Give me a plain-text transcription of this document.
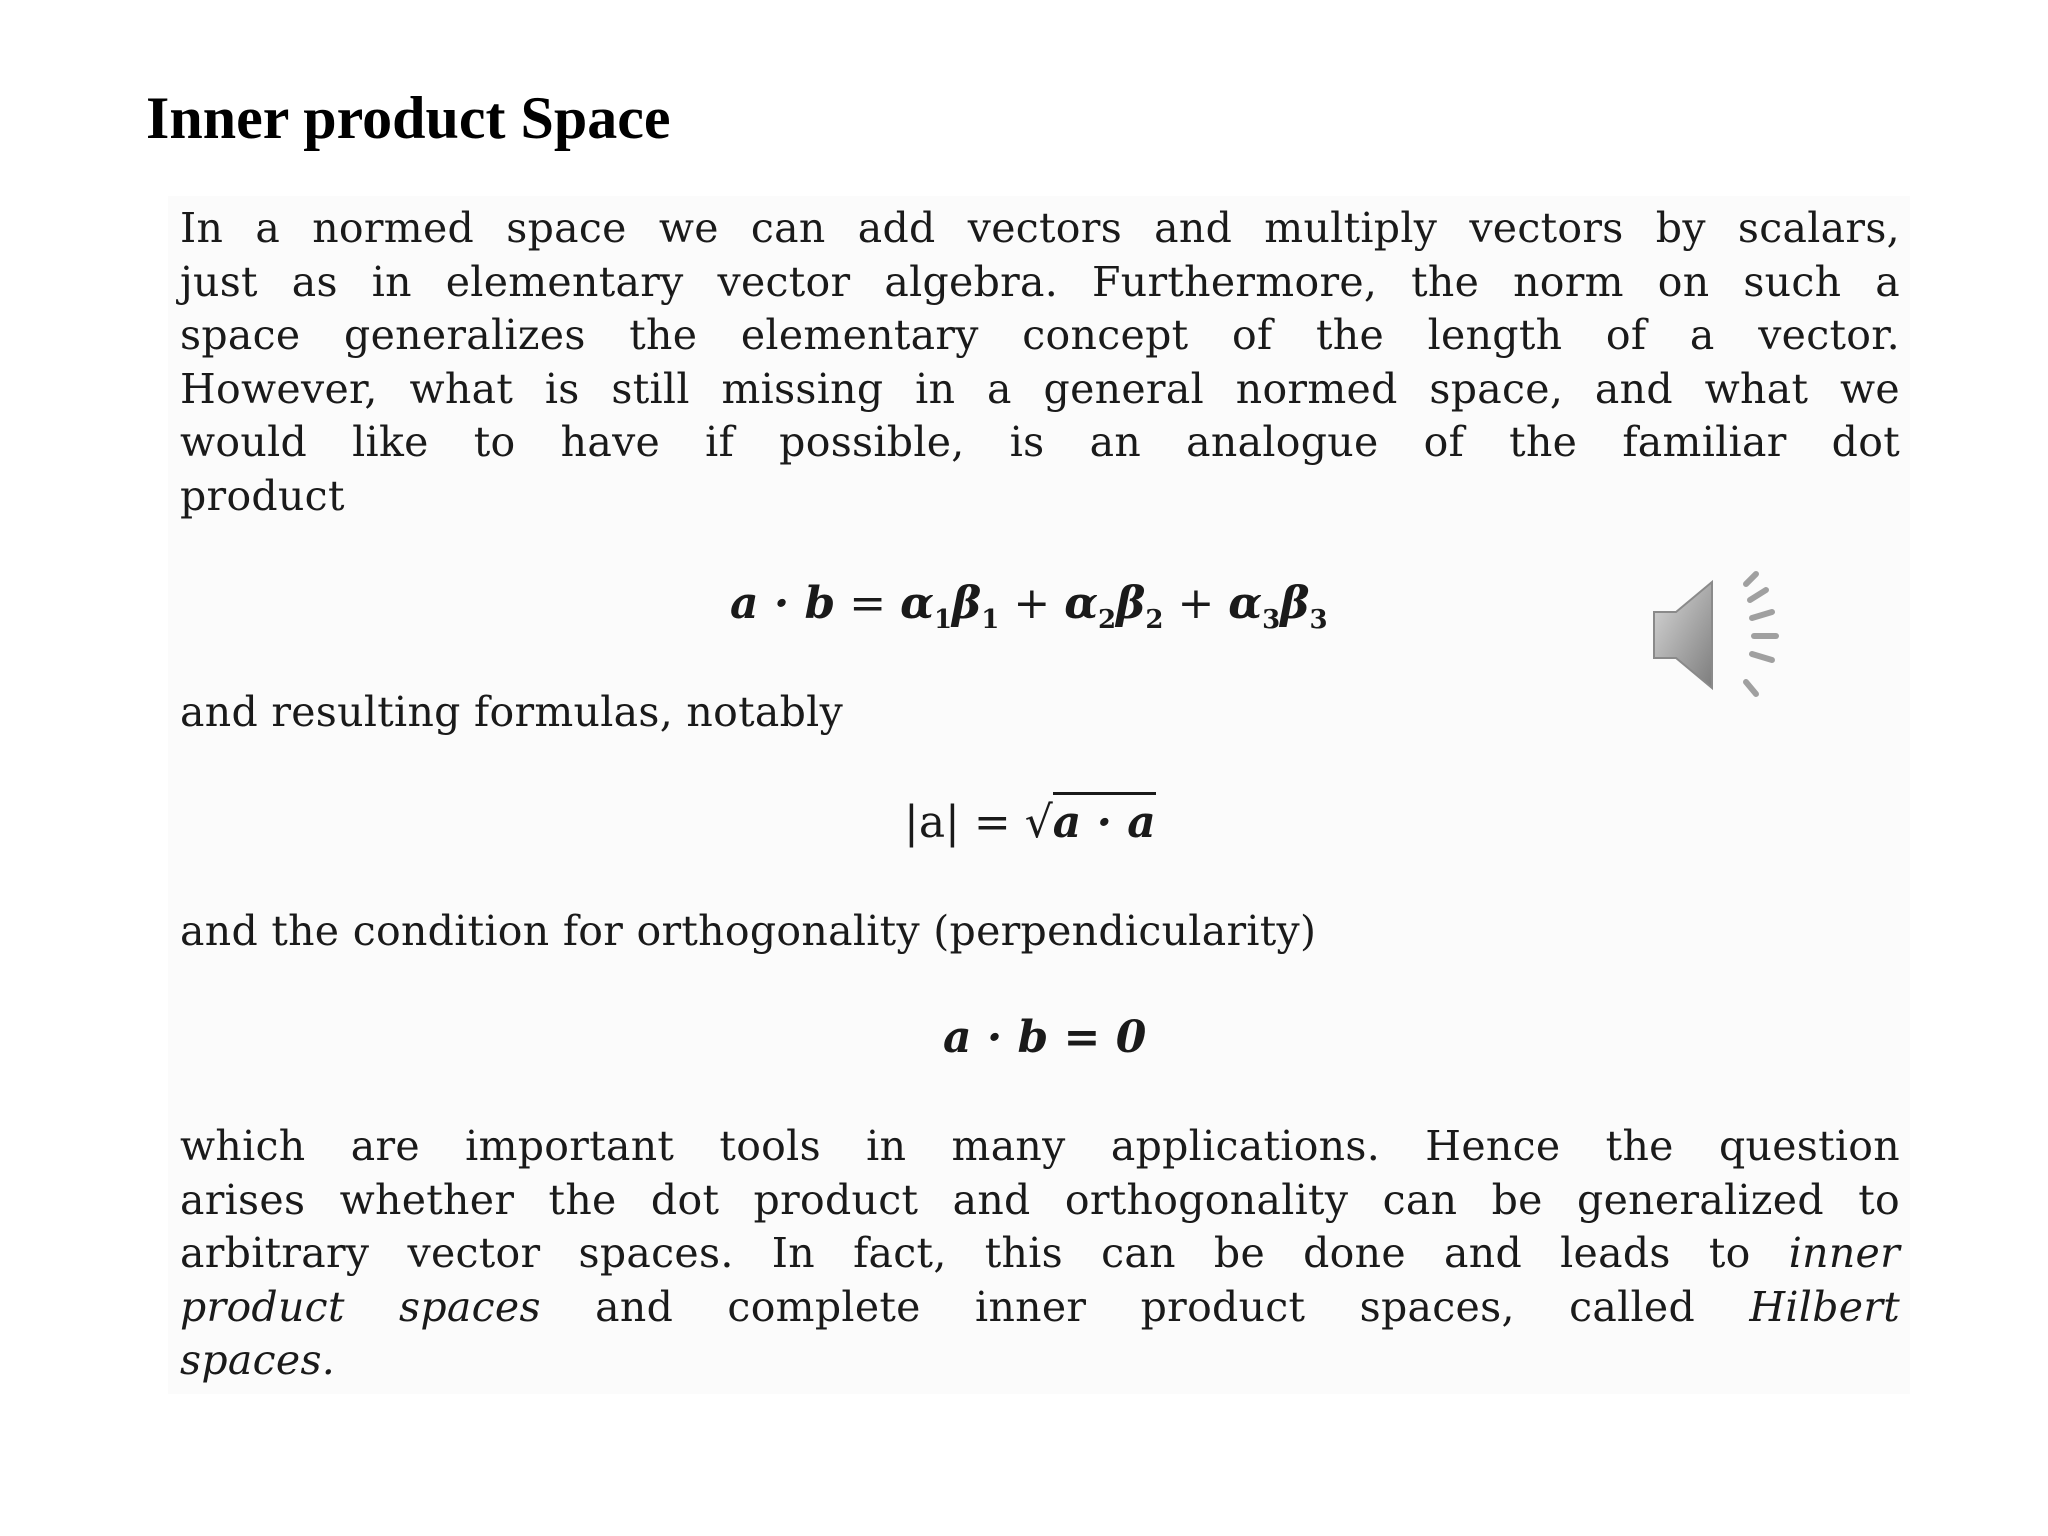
Inner product Space
In a normed space we can add vectors and multiply vectors by scalars,
just as in elementary vector algebra. Furthermore, the norm on such a
space generalizes the elementary concept of the length of a vector.
However, what is still missing in a general normed space, and what we
would like to have if possible, is an analogue of the familiar dot
product
$a \cdot b = \alpha_1\beta_1 + \alpha_2\beta_2 + \alpha_3\beta_3$
and resulting formulas, notably
|a| = √a · a
and the condition for orthogonality (perpendicularity)
a · b = 0
which are important tools in many applications. Hence the question
arises whether the dot product and orthogonality can be generalized to
arbitrary vector spaces. In fact, this can be done and leads to inner
product spaces and complete inner product spaces, called Hilbert
spaces.
